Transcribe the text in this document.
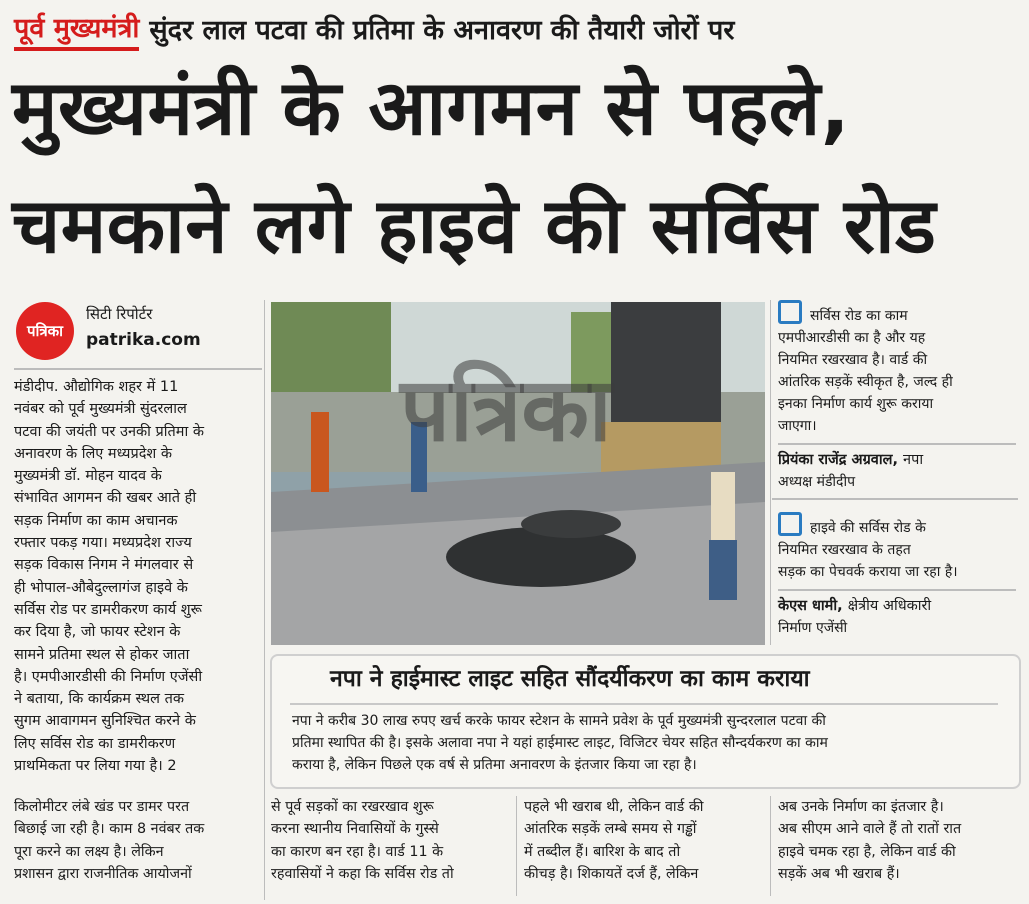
पूर्व मुख्यमंत्री सुंदर लाल पटवा की प्रतिमा के अनावरण की तैयारी जोरों पर
मुख्यमंत्री के आगमन से पहले,
चमकाने लगे हाइवे की सर्विस रोड
पत्रिका
सिटी रिपोर्टर
patrika.com
मंडीदीप. औद्योगिक शहर में 11
नवंबर को पूर्व मुख्यमंत्री सुंदरलाल
पटवा की जयंती पर उनकी प्रतिमा के
अनावरण के लिए मध्यप्रदेश के
मुख्यमंत्री डॉ. मोहन यादव के
संभावित आगमन की खबर आते ही
सड़क निर्माण का काम अचानक
रफ्तार पकड़ गया। मध्यप्रदेश राज्य
सड़क विकास निगम ने मंगलवार से
ही भोपाल-औबेदुल्लागंज हाइवे के
सर्विस रोड पर डामरीकरण कार्य शुरू
कर दिया है, जो फायर स्टेशन के
सामने प्रतिमा स्थल से होकर जाता
है। एमपीआरडीसी की निर्माण एजेंसी
ने बताया, कि कार्यक्रम स्थल तक
सुगम आवागमन सुनिश्चित करने के
लिए सर्विस रोड का डामरीकरण
प्राथमिकता पर लिया गया है। 2
पत्रिका
सर्विस रोड का काम
एमपीआरडीसी का है और यह
नियमित रखरखाव है। वार्ड की
आंतरिक सड़कें स्वीकृत है, जल्द ही
इनका निर्माण कार्य शुरू कराया
जाएगा।
प्रियंका राजेंद्र अग्रवाल, नपा
अध्यक्ष मंडीदीप
हाइवे की सर्विस रोड के
नियमित रखरखाव के तहत
सड़क का पेचवर्क कराया जा रहा है।
केएस धामी, क्षेत्रीय अधिकारी
निर्माण एजेंसी
नपा ने हाईमास्ट लाइट सहित सौंदर्यीकरण का काम कराया
नपा ने करीब 30 लाख रुपए खर्च करके फायर स्टेशन के सामने प्रवेश के पूर्व मुख्यमंत्री सुन्दरलाल पटवा की
प्रतिमा स्थापित की है। इसके अलावा नपा ने यहां हाईमास्ट लाइट, विजिटर चेयर सहित सौन्दर्यकरण का काम
कराया है, लेकिन पिछले एक वर्ष से प्रतिमा अनावरण के इंतजार किया जा रहा है।
किलोमीटर लंबे खंड पर डामर परत
बिछाई जा रही है। काम 8 नवंबर तक
पूरा करने का लक्ष्य है। लेकिन
प्रशासन द्वारा राजनीतिक आयोजनों
से पूर्व सड़कों का रखरखाव शुरू
करना स्थानीय निवासियों के गुस्से
का कारण बन रहा है। वार्ड 11 के
रहवासियों ने कहा कि सर्विस रोड तो
पहले भी खराब थी, लेकिन वार्ड की
आंतरिक सड़कें लम्बे समय से गड्ढों
में तब्दील हैं। बारिश के बाद तो
कीचड़ है। शिकायतें दर्ज हैं, लेकिन
अब उनके निर्माण का इंतजार है।
अब सीएम आने वाले हैं तो रातों रात
हाइवे चमक रहा है, लेकिन वार्ड की
सड़कें अब भी खराब हैं।
